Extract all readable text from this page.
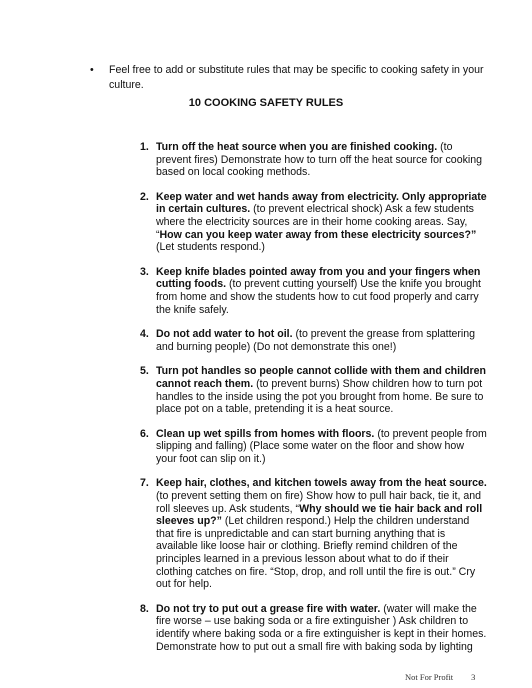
• Feel free to add or substitute rules that may be specific to cooking safety in your culture.
10 COOKING SAFETY RULES
1. Turn off the heat source when you are finished cooking. (to prevent fires) Demonstrate how to turn off the heat source for cooking based on local cooking methods.
2. Keep water and wet hands away from electricity. Only appropriate in certain cultures. (to prevent electrical shock) Ask a few students where the electricity sources are in their home cooking areas. Say, “How can you keep water away from these electricity sources?” (Let students respond.)
3. Keep knife blades pointed away from you and your fingers when cutting foods. (to prevent cutting yourself) Use the knife you brought from home and show the students how to cut food properly and carry the knife safely.
4. Do not add water to hot oil. (to prevent the grease from splattering and burning people) (Do not demonstrate this one!)
5. Turn pot handles so people cannot collide with them and children cannot reach them. (to prevent burns) Show children how to turn pot handles to the inside using the pot you brought from home. Be sure to place pot on a table, pretending it is a heat source.
6. Clean up wet spills from homes with floors. (to prevent people from slipping and falling) (Place some water on the floor and show how your foot can slip on it.)
7. Keep hair, clothes, and kitchen towels away from the heat source. (to prevent setting them on fire) Show how to pull hair back, tie it, and roll sleeves up. Ask students, “Why should we tie hair back and roll sleeves up?” (Let children respond.) Help the children understand that fire is unpredictable and can start burning anything that is available like loose hair or clothing. Briefly remind children of the principles learned in a previous lesson about what to do if their clothing catches on fire. “Stop, drop, and roll until the fire is out.” Cry out for help.
8. Do not try to put out a grease fire with water. (water will make the fire worse – use baking soda or a fire extinguisher ) Ask children to identify where baking soda or a fire extinguisher is kept in their homes. Demonstrate how to put out a small fire with baking soda by lighting
Not For Profit 3
